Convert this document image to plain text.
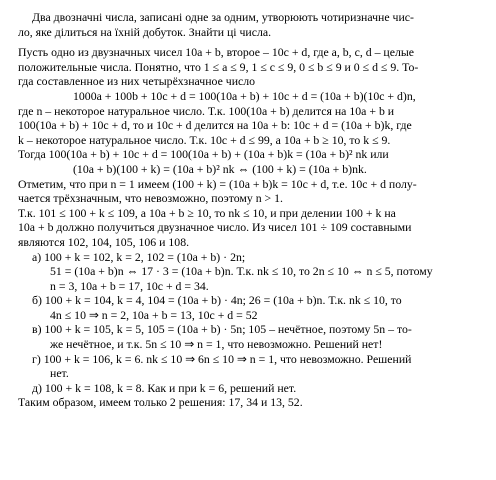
Два двозначні числа, записані одне за одним, утворюють чотиризначне чис-
ло, яке ділиться на їхній добуток. Знайти ці числа.
Пусть одно из двузначных чисел 10a + b, второе – 10c + d, где a, b, c, d – целые
положительные числа. Понятно, что 1 ≤ a ≤ 9, 1 ≤ c ≤ 9, 0 ≤ b ≤ 9 и 0 ≤ d ≤ 9. То-
гда составленное из них четырёхзначное число
1000a + 100b + 10c + d = 100(10a + b) + 10c + d = (10a + b)(10c + d)n,
где n – некоторое натуральное число. Т.к. 100(10a + b) делится на 10a + b и
100(10a + b) + 10c + d, то и 10c + d делится на 10a + b: 10c + d = (10a + b)k, где
k – некоторое натуральное число. Т.к. 10c + d ≤ 99, а 10a + b ≥ 10, то k ≤ 9.
Тогда 100(10a + b) + 10c + d = 100(10a + b) + (10a + b)k = (10a + b)² nk или
(10a + b)(100 + k) = (10a + b)² nk ⇔ (100 + k) = (10a + b)nk.
Отметим, что при n = 1 имеем (100 + k) = (10a + b)k = 10c + d, т.е. 10c + d полу-
чается трёхзначным, что невозможно, поэтому n > 1.
Т.к. 101 ≤ 100 + k ≤ 109, а 10a + b ≥ 10, то nk ≤ 10, и при делении 100 + k на
10a + b должно получиться двузначное число. Из чисел 101 ÷ 109 составными
являются 102, 104, 105, 106 и 108.
а) 100 + k = 102, k = 2, 102 = (10a + b) · 2n;
51 = (10a + b)n ⇔ 17 · 3 = (10a + b)n. Т.к. nk ≤ 10, то 2n ≤ 10 ⇔ n ≤ 5, потому
n = 3, 10a + b = 17, 10c + d = 34.
б) 100 + k = 104, k = 4, 104 = (10a + b) · 4n; 26 = (10a + b)n. Т.к. nk ≤ 10, то
4n ≤ 10 ⇒ n = 2, 10a + b = 13, 10c + d = 52
в) 100 + k = 105, k = 5, 105 = (10a + b) · 5n; 105 – нечётное, поэтому 5n – то-
же нечётное, и т.к. 5n ≤ 10 ⇒ n = 1, что невозможно. Решений нет!
г) 100 + k = 106, k = 6. nk ≤ 10 ⇒ 6n ≤ 10 ⇒ n = 1, что невозможно. Решений
нет.
д) 100 + k = 108, k = 8. Как и при k = 6, решений нет.
Таким образом, имеем только 2 решения: 17, 34 и 13, 52.
